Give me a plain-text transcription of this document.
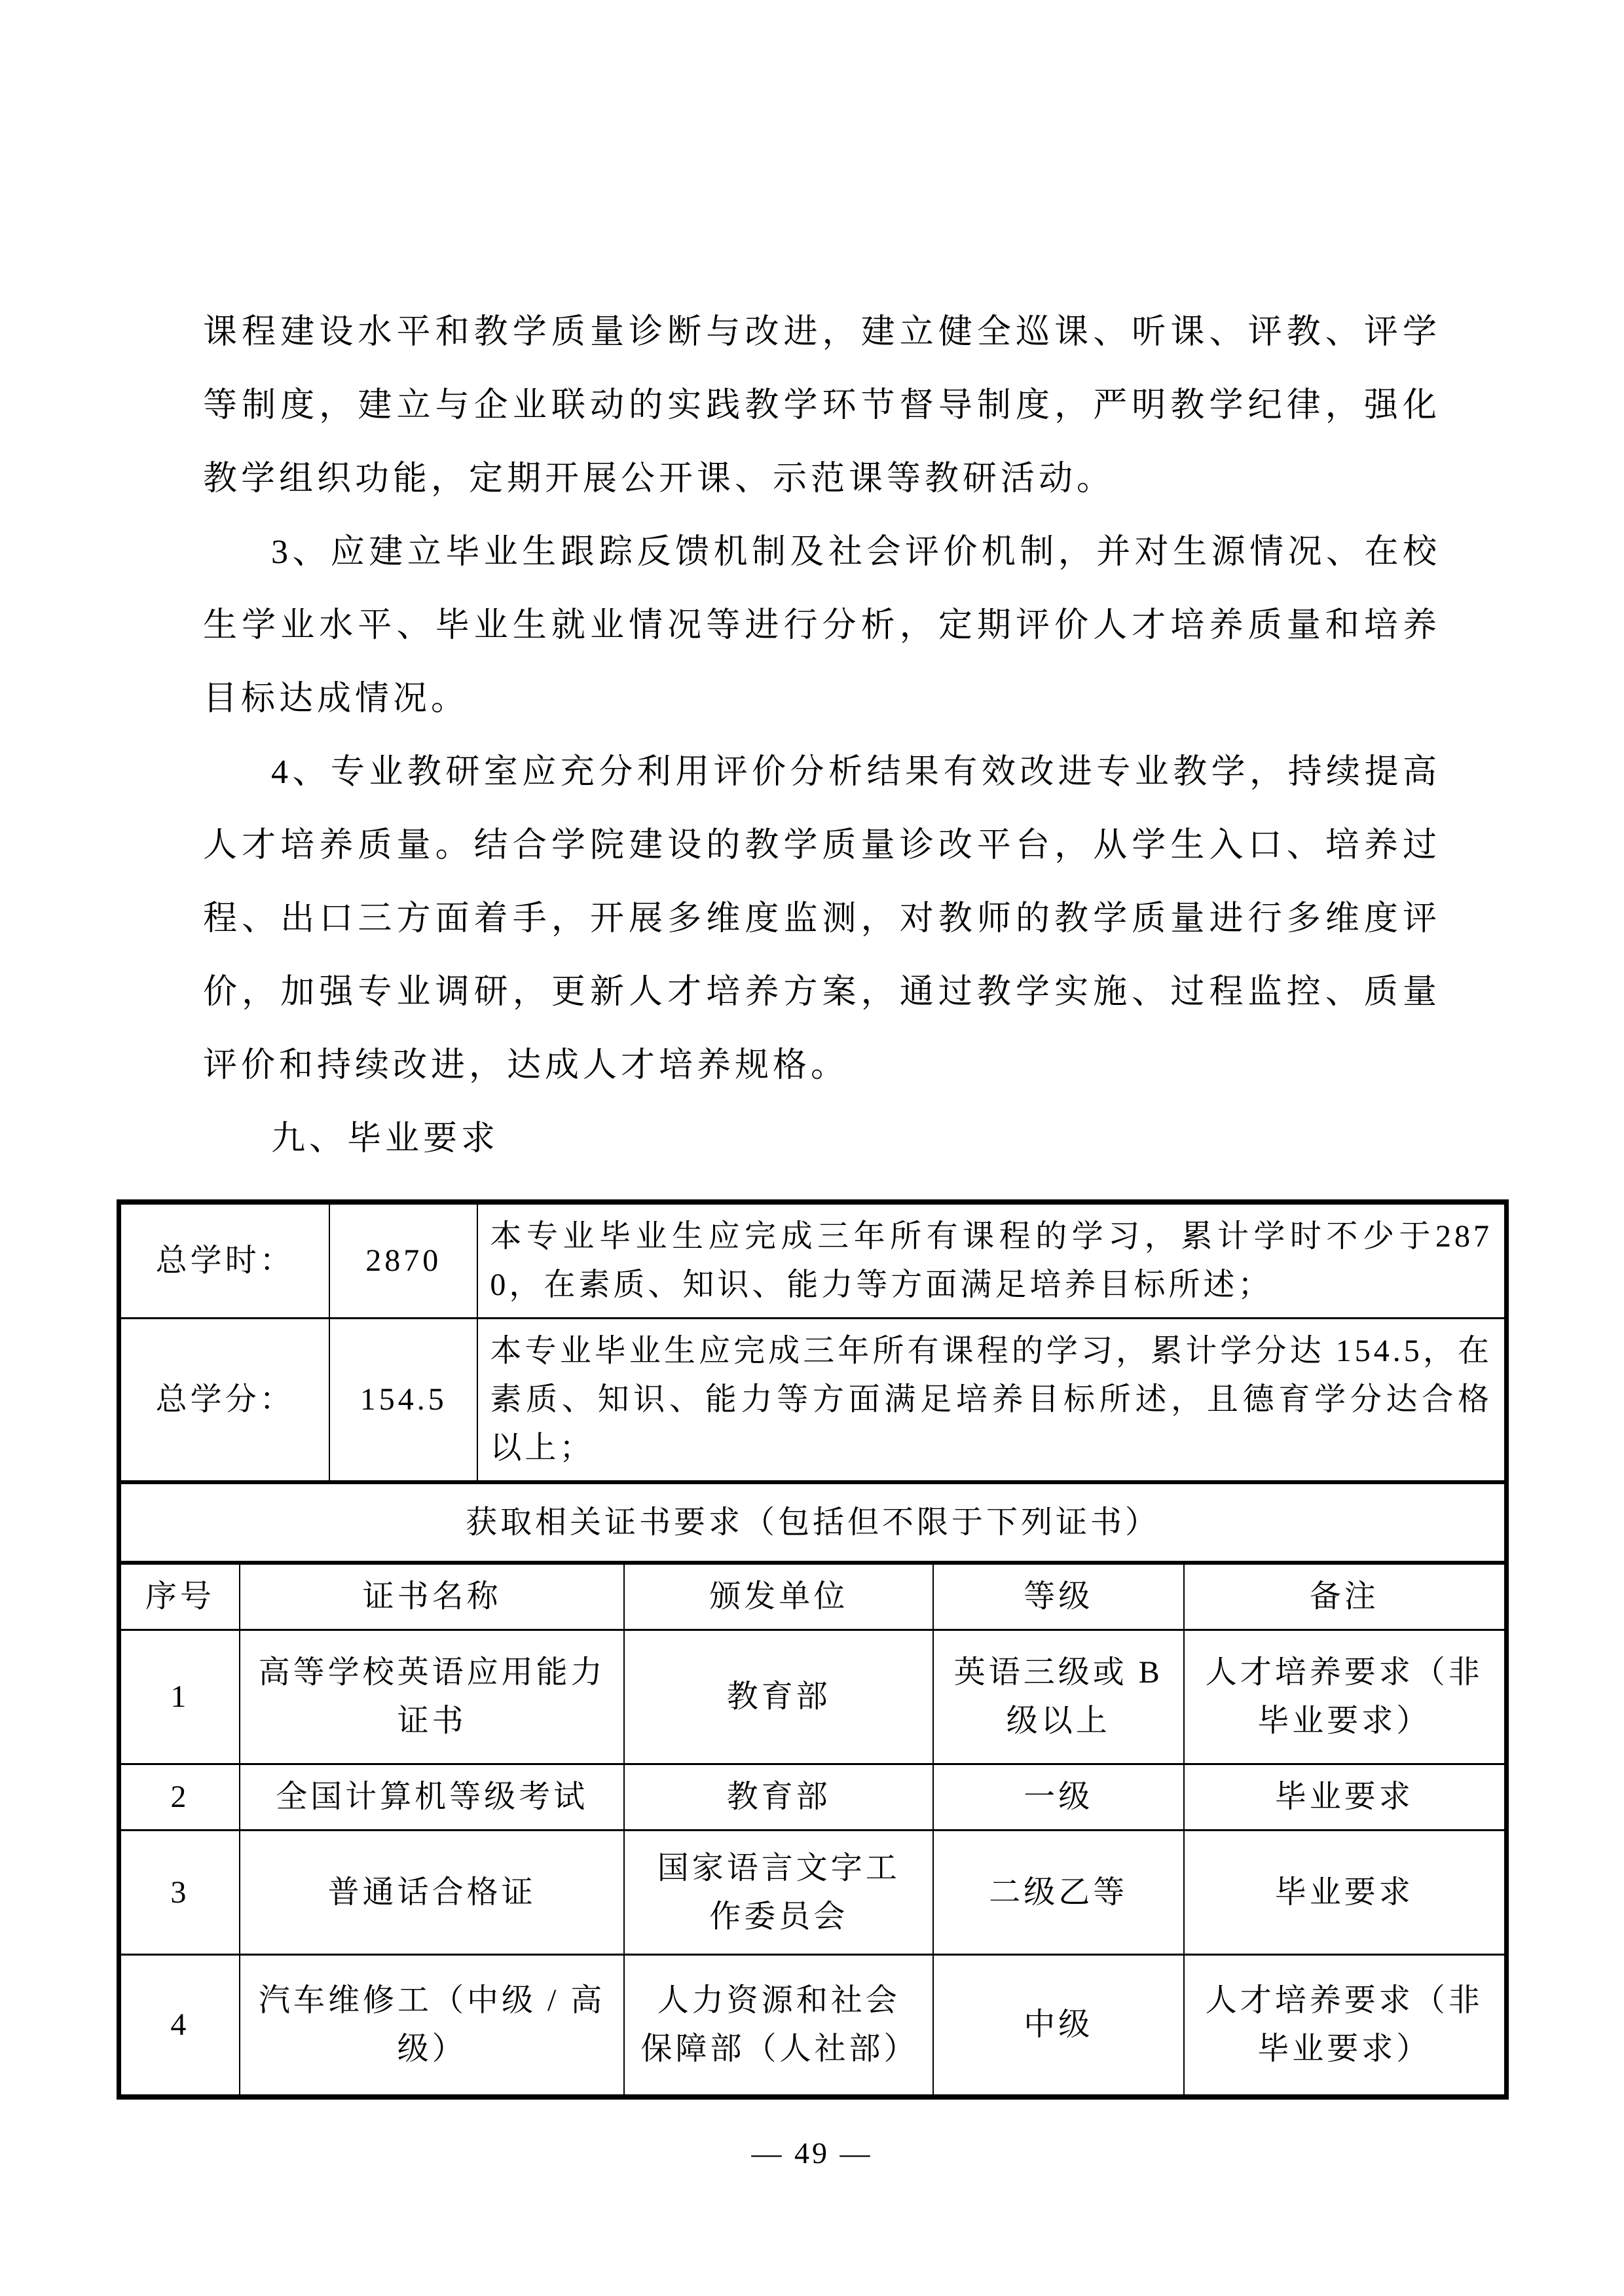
课程建设水平和教学质量诊断与改进，建立健全巡课、听课、评教、评学等制度，建立与企业联动的实践教学环节督导制度，严明教学纪律，强化教学组织功能，定期开展公开课、示范课等教研活动。

3、应建立毕业生跟踪反馈机制及社会评价机制，并对生源情况、在校生学业水平、毕业生就业情况等进行分析，定期评价人才培养质量和培养目标达成情况。

4、专业教研室应充分利用评价分析结果有效改进专业教学，持续提高人才培养质量。结合学院建设的教学质量诊改平台，从学生入口、培养过程、出口三方面着手，开展多维度监测，对教师的教学质量进行多维度评价，加强专业调研，更新人才培养方案，通过教学实施、过程监控、质量评价和持续改进，达成人才培养规格。

九、毕业要求

总学时：	2870	本专业毕业生应完成三年所有课程的学习，累计学时不少于2870，在素质、知识、能力等方面满足培养目标所述；
总学分：	154.5	本专业毕业生应完成三年所有课程的学习，累计学分达 154.5，在素质、知识、能力等方面满足培养目标所述，且德育学分达合格以上；
获取相关证书要求（包括但不限于下列证书）
序号	证书名称	颁发单位	等级	备注
1	高等学校英语应用能力证书	教育部	英语三级或 B 级以上	人才培养要求（非毕业要求）
2	全国计算机等级考试	教育部	一级	毕业要求
3	普通话合格证	国家语言文字工作委员会	二级乙等	毕业要求
4	汽车维修工（中级 / 高级）	人力资源和社会保障部（人社部）	中级	人才培养要求（非毕业要求）
— 49 —
